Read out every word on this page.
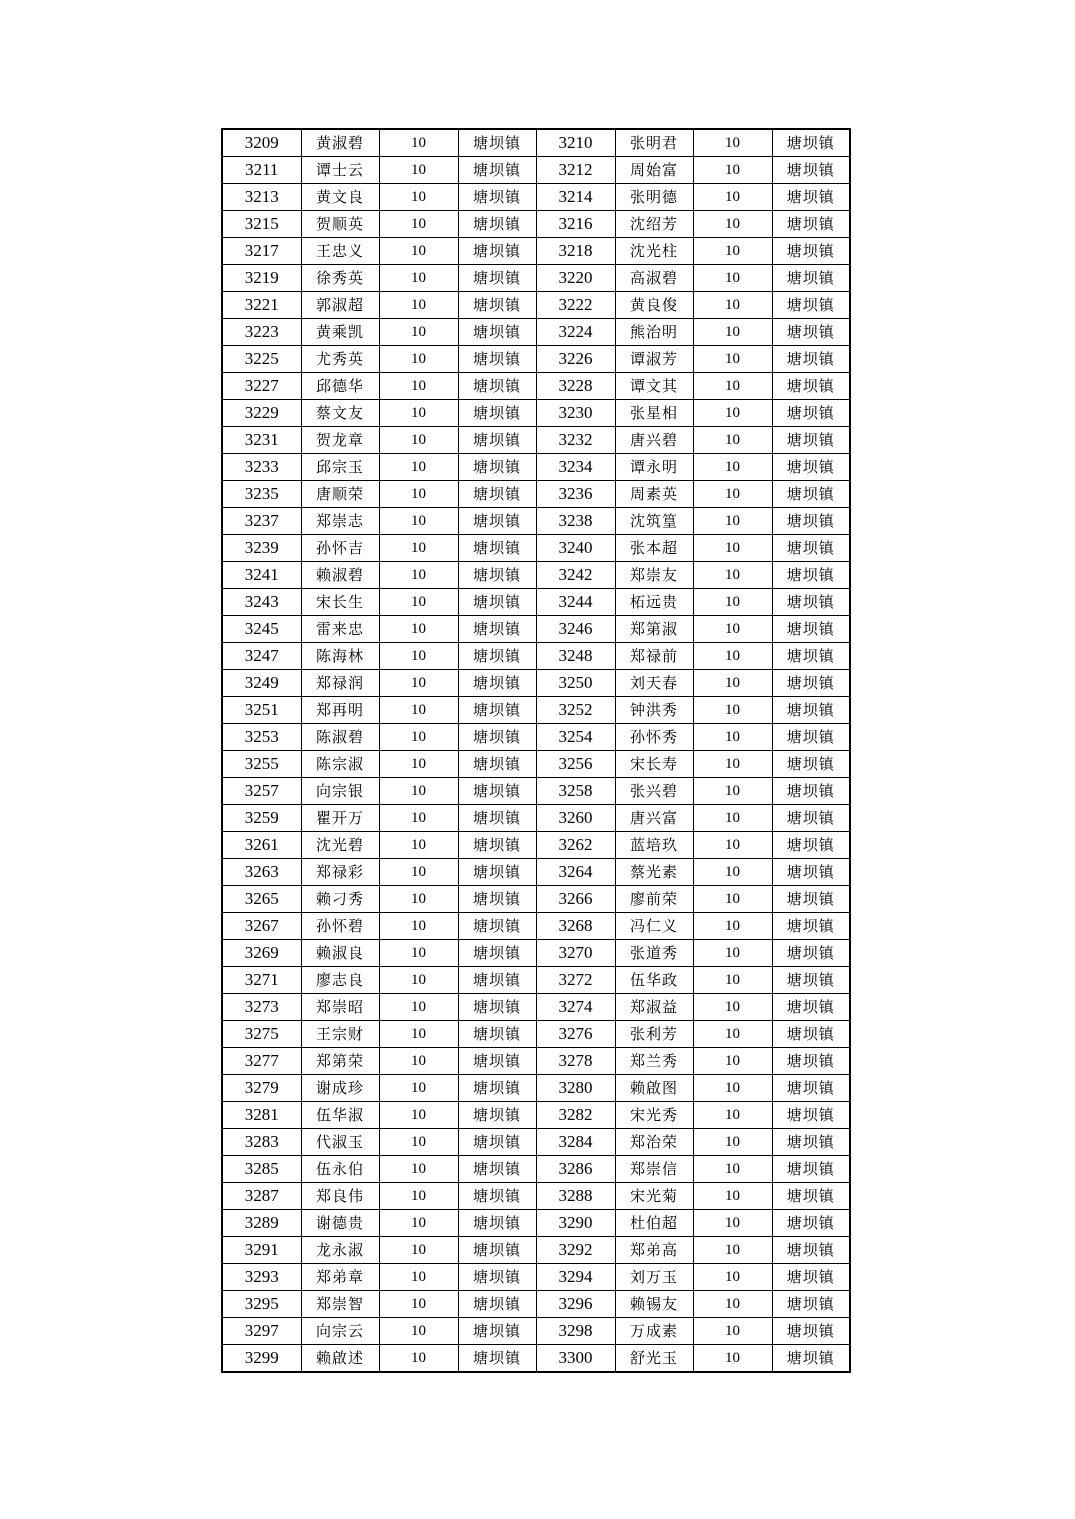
3209	黄淑碧	10	塘坝镇	3210	张明君	10	塘坝镇
3211	谭士云	10	塘坝镇	3212	周始富	10	塘坝镇
3213	黄文良	10	塘坝镇	3214	张明德	10	塘坝镇
3215	贺顺英	10	塘坝镇	3216	沈绍芳	10	塘坝镇
3217	王忠义	10	塘坝镇	3218	沈光柱	10	塘坝镇
3219	徐秀英	10	塘坝镇	3220	高淑碧	10	塘坝镇
3221	郭淑超	10	塘坝镇	3222	黄良俊	10	塘坝镇
3223	黄乘凯	10	塘坝镇	3224	熊治明	10	塘坝镇
3225	尤秀英	10	塘坝镇	3226	谭淑芳	10	塘坝镇
3227	邱德华	10	塘坝镇	3228	谭文其	10	塘坝镇
3229	蔡文友	10	塘坝镇	3230	张星相	10	塘坝镇
3231	贺龙章	10	塘坝镇	3232	唐兴碧	10	塘坝镇
3233	邱宗玉	10	塘坝镇	3234	谭永明	10	塘坝镇
3235	唐顺荣	10	塘坝镇	3236	周素英	10	塘坝镇
3237	郑崇志	10	塘坝镇	3238	沈筑篁	10	塘坝镇
3239	孙怀吉	10	塘坝镇	3240	张本超	10	塘坝镇
3241	赖淑碧	10	塘坝镇	3242	郑崇友	10	塘坝镇
3243	宋长生	10	塘坝镇	3244	柘远贵	10	塘坝镇
3245	雷来忠	10	塘坝镇	3246	郑第淑	10	塘坝镇
3247	陈海林	10	塘坝镇	3248	郑禄前	10	塘坝镇
3249	郑禄润	10	塘坝镇	3250	刘天春	10	塘坝镇
3251	郑再明	10	塘坝镇	3252	钟洪秀	10	塘坝镇
3253	陈淑碧	10	塘坝镇	3254	孙怀秀	10	塘坝镇
3255	陈宗淑	10	塘坝镇	3256	宋长寿	10	塘坝镇
3257	向宗银	10	塘坝镇	3258	张兴碧	10	塘坝镇
3259	瞿开万	10	塘坝镇	3260	唐兴富	10	塘坝镇
3261	沈光碧	10	塘坝镇	3262	蓝培玖	10	塘坝镇
3263	郑禄彩	10	塘坝镇	3264	蔡光素	10	塘坝镇
3265	赖刁秀	10	塘坝镇	3266	廖前荣	10	塘坝镇
3267	孙怀碧	10	塘坝镇	3268	冯仁义	10	塘坝镇
3269	赖淑良	10	塘坝镇	3270	张道秀	10	塘坝镇
3271	廖志良	10	塘坝镇	3272	伍华政	10	塘坝镇
3273	郑崇昭	10	塘坝镇	3274	郑淑益	10	塘坝镇
3275	王宗财	10	塘坝镇	3276	张利芳	10	塘坝镇
3277	郑第荣	10	塘坝镇	3278	郑兰秀	10	塘坝镇
3279	谢成珍	10	塘坝镇	3280	赖啟图	10	塘坝镇
3281	伍华淑	10	塘坝镇	3282	宋光秀	10	塘坝镇
3283	代淑玉	10	塘坝镇	3284	郑治荣	10	塘坝镇
3285	伍永伯	10	塘坝镇	3286	郑崇信	10	塘坝镇
3287	郑良伟	10	塘坝镇	3288	宋光菊	10	塘坝镇
3289	谢德贵	10	塘坝镇	3290	杜伯超	10	塘坝镇
3291	龙永淑	10	塘坝镇	3292	郑弟高	10	塘坝镇
3293	郑弟章	10	塘坝镇	3294	刘万玉	10	塘坝镇
3295	郑崇智	10	塘坝镇	3296	赖锡友	10	塘坝镇
3297	向宗云	10	塘坝镇	3298	万成素	10	塘坝镇
3299	赖啟述	10	塘坝镇	3300	舒光玉	10	塘坝镇
